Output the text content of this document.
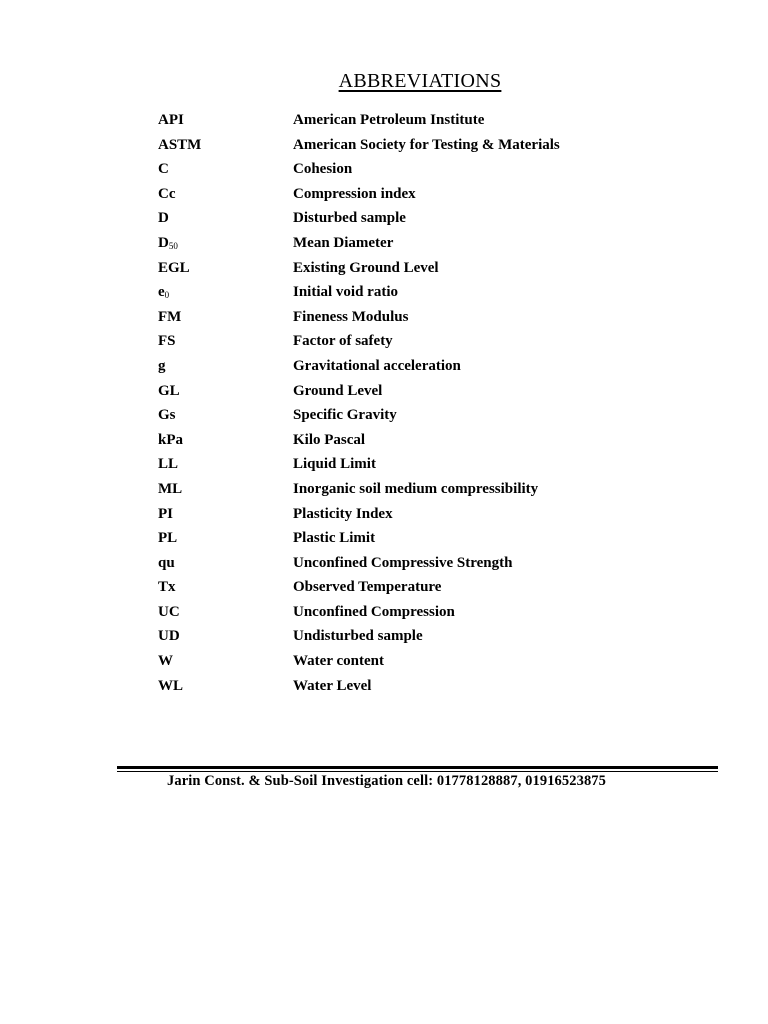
ABBREVIATIONS
API	American Petroleum Institute
ASTM	American Society for Testing & Materials
C	Cohesion
Cc	Compression index
D	Disturbed sample
$D_{50}$	Mean Diameter
EGL	Existing Ground Level
$e_0$	Initial void ratio
FM	Fineness Modulus
FS	Factor of safety
g	Gravitational acceleration
GL	Ground Level
Gs	Specific Gravity
kPa	Kilo Pascal
LL	Liquid Limit
ML	Inorganic soil medium compressibility
PI	Plasticity Index
PL	Plastic Limit
qu	Unconfined Compressive Strength
Tx	Observed Temperature
UC	Unconfined Compression
UD	Undisturbed sample
W	Water content
WL	Water Level
Jarin Const. & Sub-Soil Investigation cell: 01778128887, 01916523875
